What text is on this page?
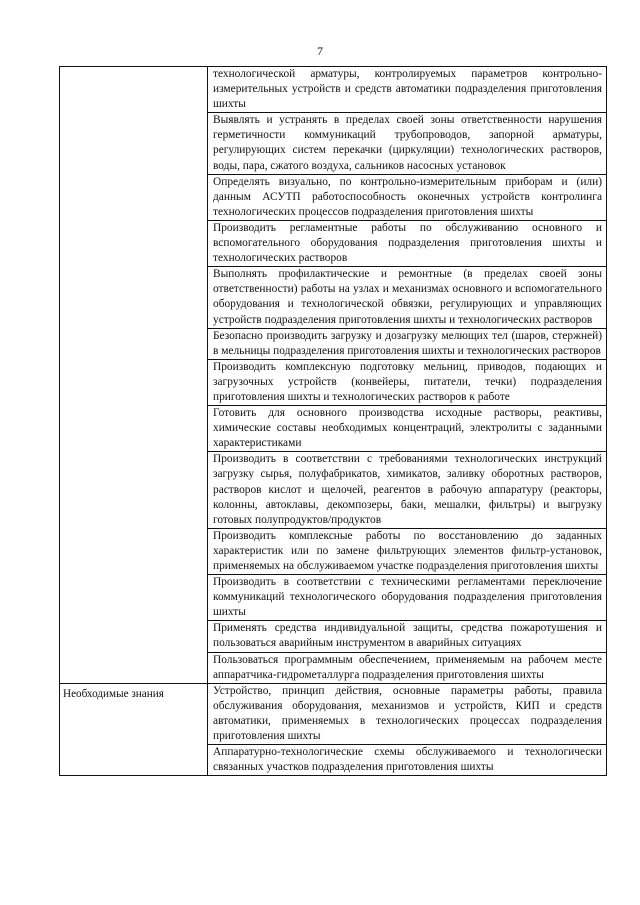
7
	технологической арматуры, контролируемых параметров контрольно-измерительных устройств и средств автоматики подразделения приготовления шихты
	Выявлять и устранять в пределах своей зоны ответственности нарушения герметичности коммуникаций трубопроводов, запорной арматуры, регулирующих систем перекачки (циркуляции) технологических растворов, воды, пара, сжатого воздуха, сальников насосных установок
	Определять визуально, по контрольно-измерительным приборам и (или) данным АСУТП работоспособность оконечных устройств контролинга технологических процессов подразделения приготовления шихты
	Производить регламентные работы по обслуживанию основного и вспомогательного оборудования подразделения приготовления шихты и технологических растворов
	Выполнять профилактические и ремонтные (в пределах своей зоны ответственности) работы на узлах и механизмах основного и вспомогательного оборудования и технологической обвязки, регулирующих и управляющих устройств подразделения приготовления шихты и технологических растворов
	Безопасно производить загрузку и дозагрузку мелющих тел (шаров, стержней) в мельницы подразделения приготовления шихты и технологических растворов
	Производить комплексную подготовку мельниц, приводов, подающих и загрузочных устройств (конвейеры, питатели, течки) подразделения приготовления шихты и технологических растворов к работе
	Готовить для основного производства исходные растворы, реактивы, химические составы необходимых концентраций, электролиты с заданными характеристиками
	Производить в соответствии с требованиями технологических инструкций загрузку сырья, полуфабрикатов, химикатов, заливку оборотных растворов, растворов кислот и щелочей, реагентов в рабочую аппаратуру (реакторы, колонны, автоклавы, декомпозеры, баки, мешалки, фильтры) и выгрузку готовых полупродуктов/продуктов
	Производить комплексные работы по восстановлению до заданных характеристик или по замене фильтрующих элементов фильтр-установок, применяемых на обслуживаемом участке подразделения приготовления шихты
	Производить в соответствии с техническими регламентами переключение коммуникаций технологического оборудования подразделения приготовления шихты
	Применять средства индивидуальной защиты, средства пожаротушения и пользоваться аварийным инструментом в аварийных ситуациях
	Пользоваться программным обеспечением, применяемым на рабочем месте аппаратчика-гидрометаллурга подразделения приготовления шихты
Необходимые знания	Устройство, принцип действия, основные параметры работы, правила обслуживания оборудования, механизмов и устройств, КИП и средств автоматики, применяемых в технологических процессах подразделения приготовления шихты
	Аппаратурно-технологические схемы обслуживаемого и технологически связанных участков подразделения приготовления шихты
